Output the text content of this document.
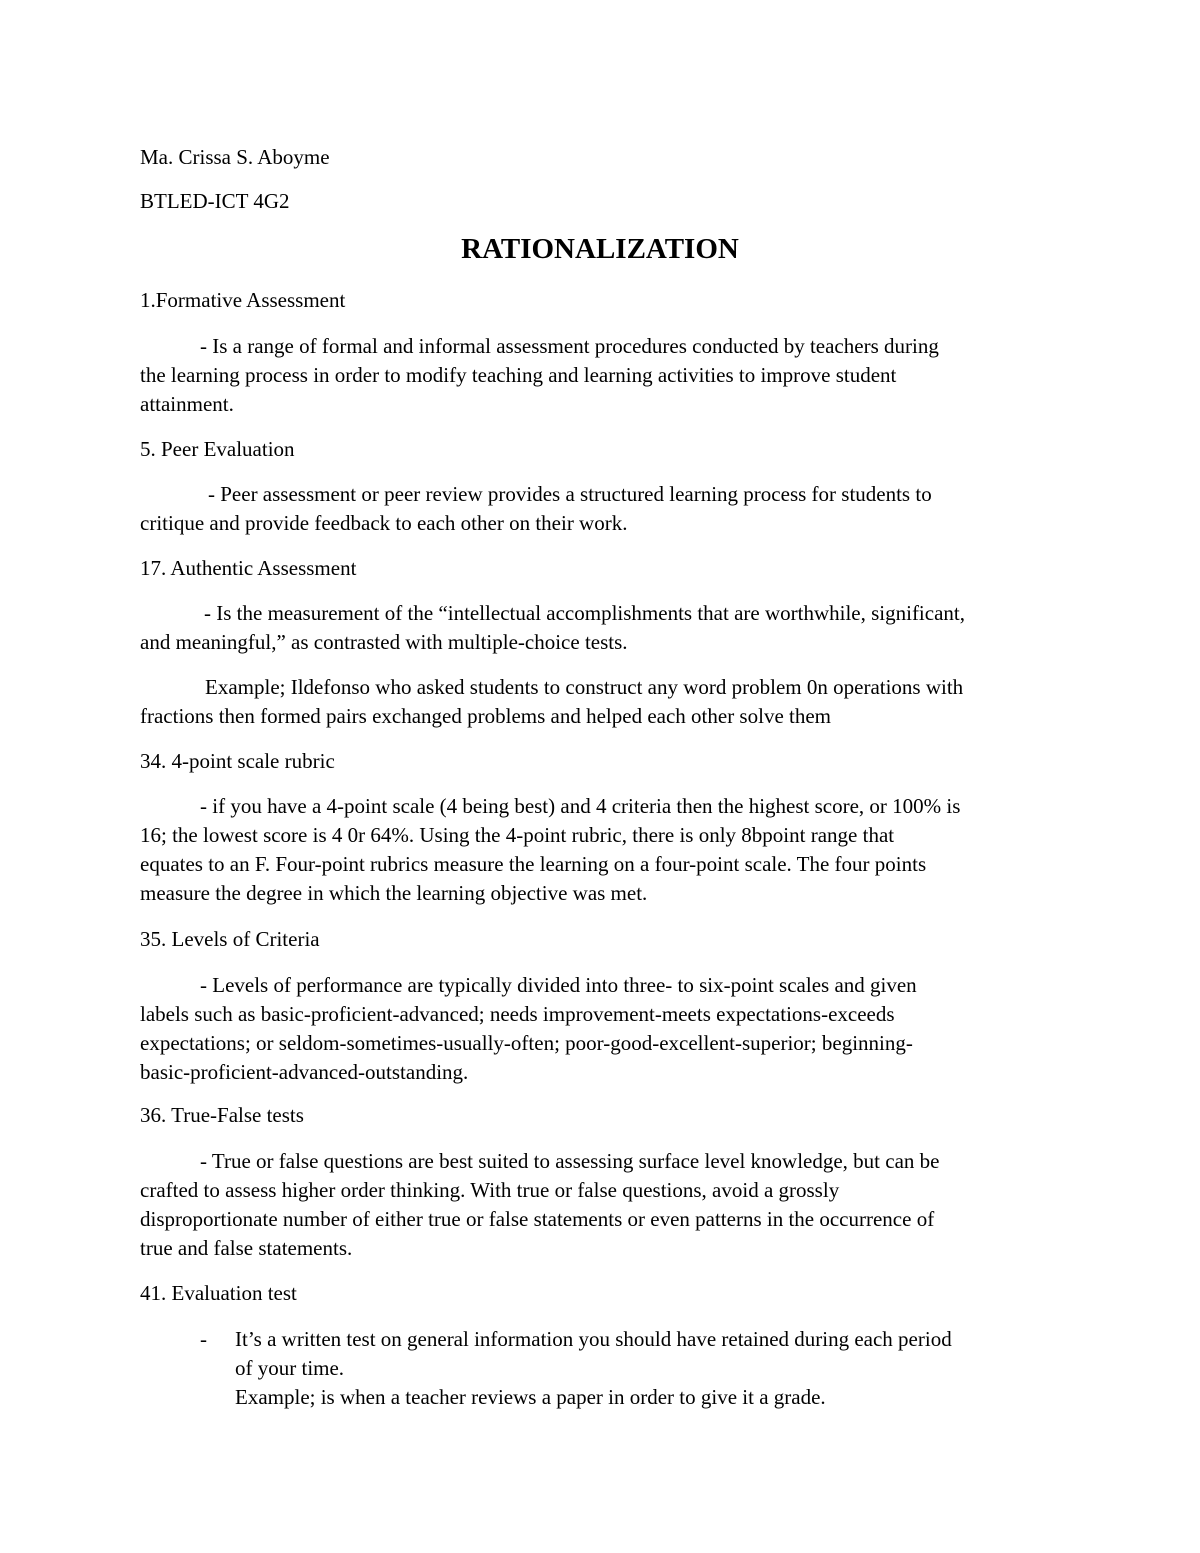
Ma. Crissa S. Aboyme
BTLED-ICT 4G2
RATIONALIZATION
1.Formative Assessment
- Is a range of formal and informal assessment procedures conducted by teachers during
the learning process in order to modify teaching and learning activities to improve student
attainment.
5. Peer Evaluation
- Peer assessment or peer review provides a structured learning process for students to
critique and provide feedback to each other on their work.
17. Authentic Assessment
- Is the measurement of the “intellectual accomplishments that are worthwhile, significant,
and meaningful,” as contrasted with multiple-choice tests.
Example; Ildefonso who asked students to construct any word problem 0n operations with
fractions then formed pairs exchanged problems and helped each other solve them
34. 4-point scale rubric
- if you have a 4-point scale (4 being best) and 4 criteria then the highest score, or 100% is
16; the lowest score is 4 0r 64%. Using the 4-point rubric, there is only 8bpoint range that
equates to an F. Four-point rubrics measure the learning on a four-point scale. The four points
measure the degree in which the learning objective was met.
35. Levels of Criteria
- Levels of performance are typically divided into three- to six-point scales and given
labels such as basic-proficient-advanced; needs improvement-meets expectations-exceeds
expectations; or seldom-sometimes-usually-often; poor-good-excellent-superior; beginning-
basic-proficient-advanced-outstanding.
36. True-False tests
- True or false questions are best suited to assessing surface level knowledge, but can be
crafted to assess higher order thinking. With true or false questions, avoid a grossly
disproportionate number of either true or false statements or even patterns in the occurrence of
true and false statements.
41. Evaluation test
- It’s a written test on general information you should have retained during each period
of your time.
Example; is when a teacher reviews a paper in order to give it a grade.
